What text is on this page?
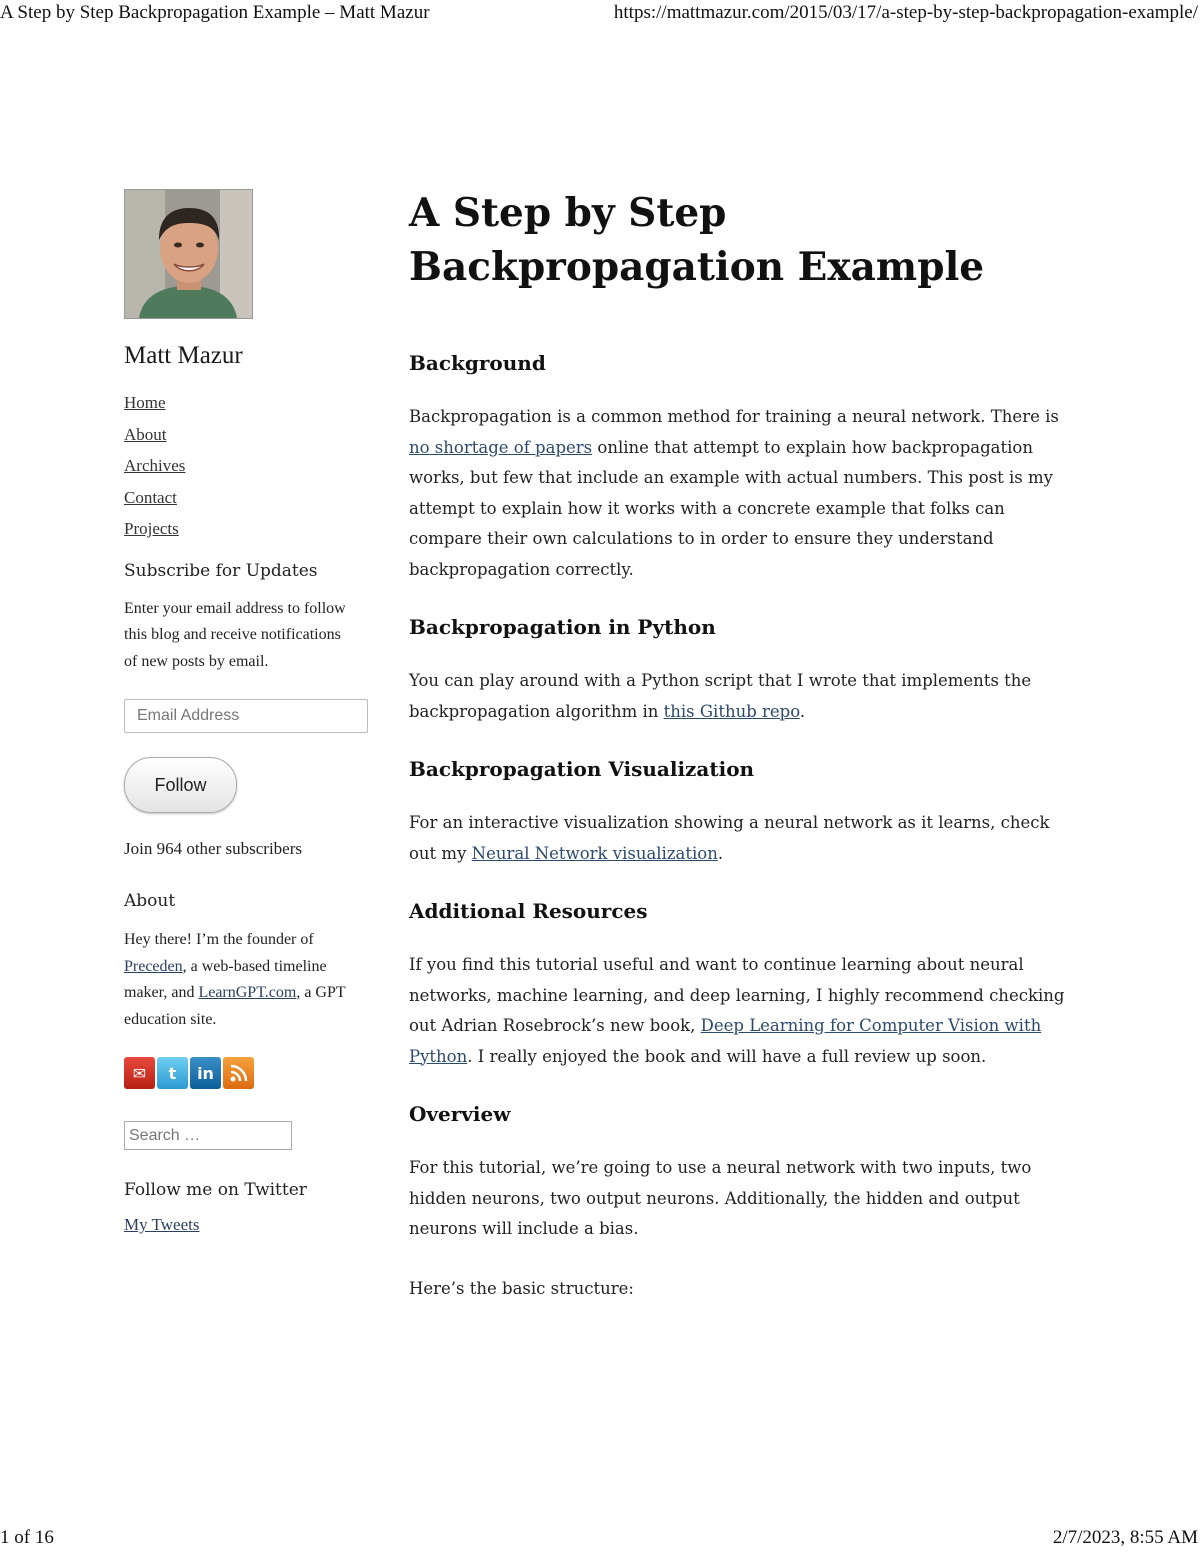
A Step by Step Backpropagation Example – Matt Mazur	https://mattmazur.com/2015/03/17/a-step-by-step-backpropagation-example/
Matt Mazur
Home
About
Archives
Contact
Projects
Subscribe for Updates

Enter your email address to follow this blog and receive notifications of new posts by email.

Email Address
Follow

Join 964 other subscribers

About

Hey there! I’m the founder of Preceden, a web-based timeline maker, and LearnGPT.com, a GPT education site.

✉	t	in
Search …
Follow me on Twitter
My Tweets
A Step by Step
Backpropagation Example
Background

Backpropagation is a common method for training a neural network. There is no shortage of papers online that attempt to explain how backpropagation works, but few that include an example with actual numbers. This post is my attempt to explain how it works with a concrete example that folks can compare their own calculations to in order to ensure they understand backpropagation correctly.

Backpropagation in Python

You can play around with a Python script that I wrote that implements the backpropagation algorithm in this Github repo.

Backpropagation Visualization

For an interactive visualization showing a neural network as it learns, check out my Neural Network visualization.

Additional Resources

If you find this tutorial useful and want to continue learning about neural networks, machine learning, and deep learning, I highly recommend checking out Adrian Rosebrock’s new book, Deep Learning for Computer Vision with Python. I really enjoyed the book and will have a full review up soon.

Overview

For this tutorial, we’re going to use a neural network with two inputs, two hidden neurons, two output neurons. Additionally, the hidden and output neurons will include a bias.

Here’s the basic structure:

1 of 16	2/7/2023, 8:55 AM
